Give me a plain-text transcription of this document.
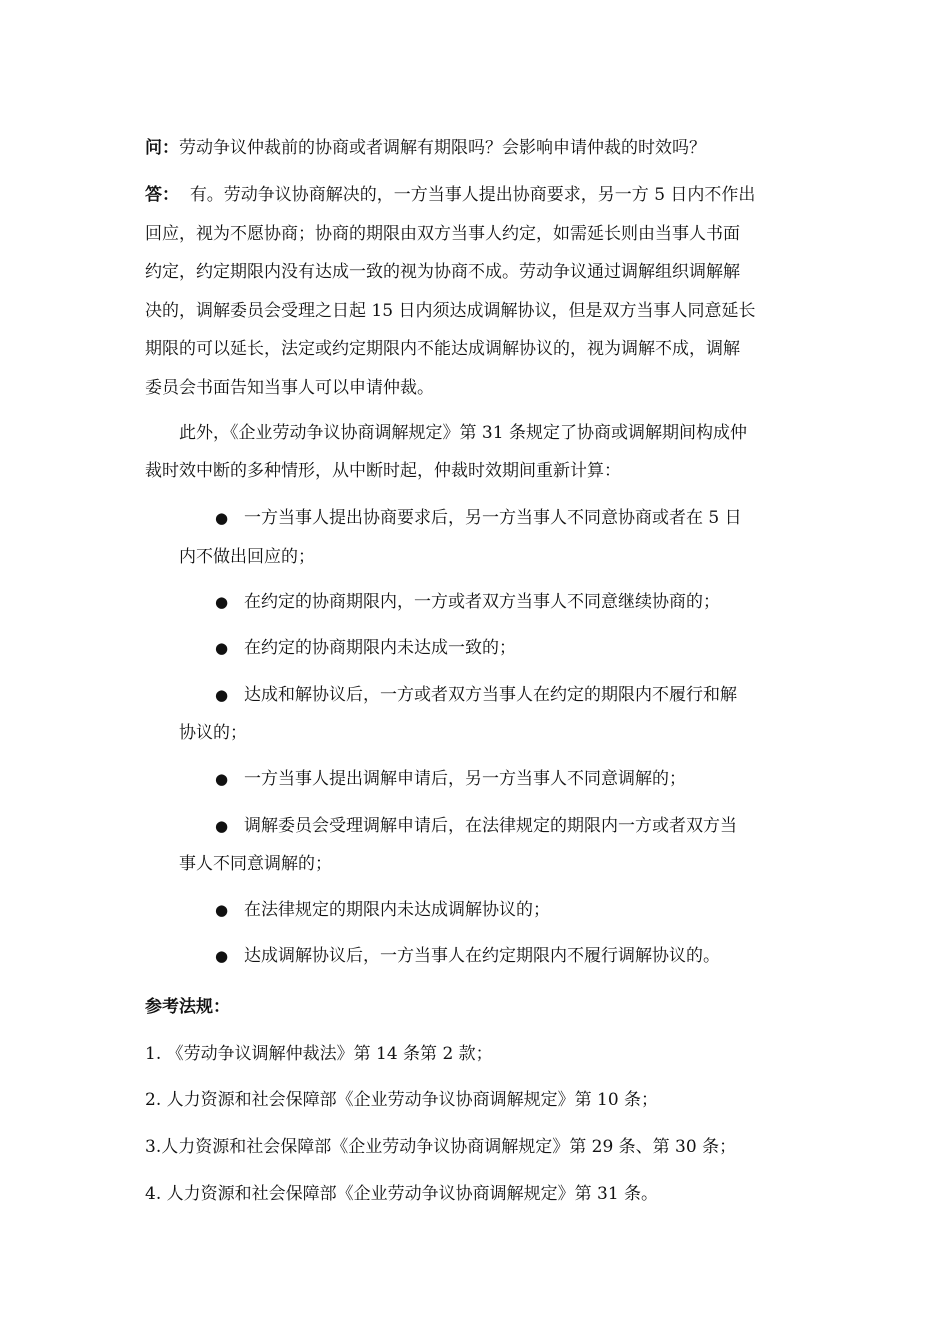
问：劳动争议仲裁前的协商或者调解有期限吗？会影响申请仲裁的时效吗？
答： 有。劳动争议协商解决的，一方当事人提出协商要求，另一方 5 日内不作出
回应，视为不愿协商；协商的期限由双方当事人约定，如需延长则由当事人书面
约定，约定期限内没有达成一致的视为协商不成。劳动争议通过调解组织调解解
决的，调解委员会受理之日起 15 日内须达成调解协议，但是双方当事人同意延长
期限的可以延长，法定或约定期限内不能达成调解协议的，视为调解不成，调解
委员会书面告知当事人可以申请仲裁。
此外，《企业劳动争议协商调解规定》第 31 条规定了协商或调解期间构成仲
裁时效中断的多种情形，从中断时起，仲裁时效期间重新计算：
● 一方当事人提出协商要求后，另一方当事人不同意协商或者在 5 日
内不做出回应的；
● 在约定的协商期限内，一方或者双方当事人不同意继续协商的；
● 在约定的协商期限内未达成一致的；
● 达成和解协议后，一方或者双方当事人在约定的期限内不履行和解
协议的；
● 一方当事人提出调解申请后，另一方当事人不同意调解的；
● 调解委员会受理调解申请后，在法律规定的期限内一方或者双方当
事人不同意调解的；
● 在法律规定的期限内未达成调解协议的；
● 达成调解协议后，一方当事人在约定期限内不履行调解协议的。
参考法规：
1. 《劳动争议调解仲裁法》第 14 条第 2 款；
2. 人力资源和社会保障部《企业劳动争议协商调解规定》第 10 条；
3.人力资源和社会保障部《企业劳动争议协商调解规定》第 29 条、第 30 条；
4. 人力资源和社会保障部《企业劳动争议协商调解规定》第 31 条。
